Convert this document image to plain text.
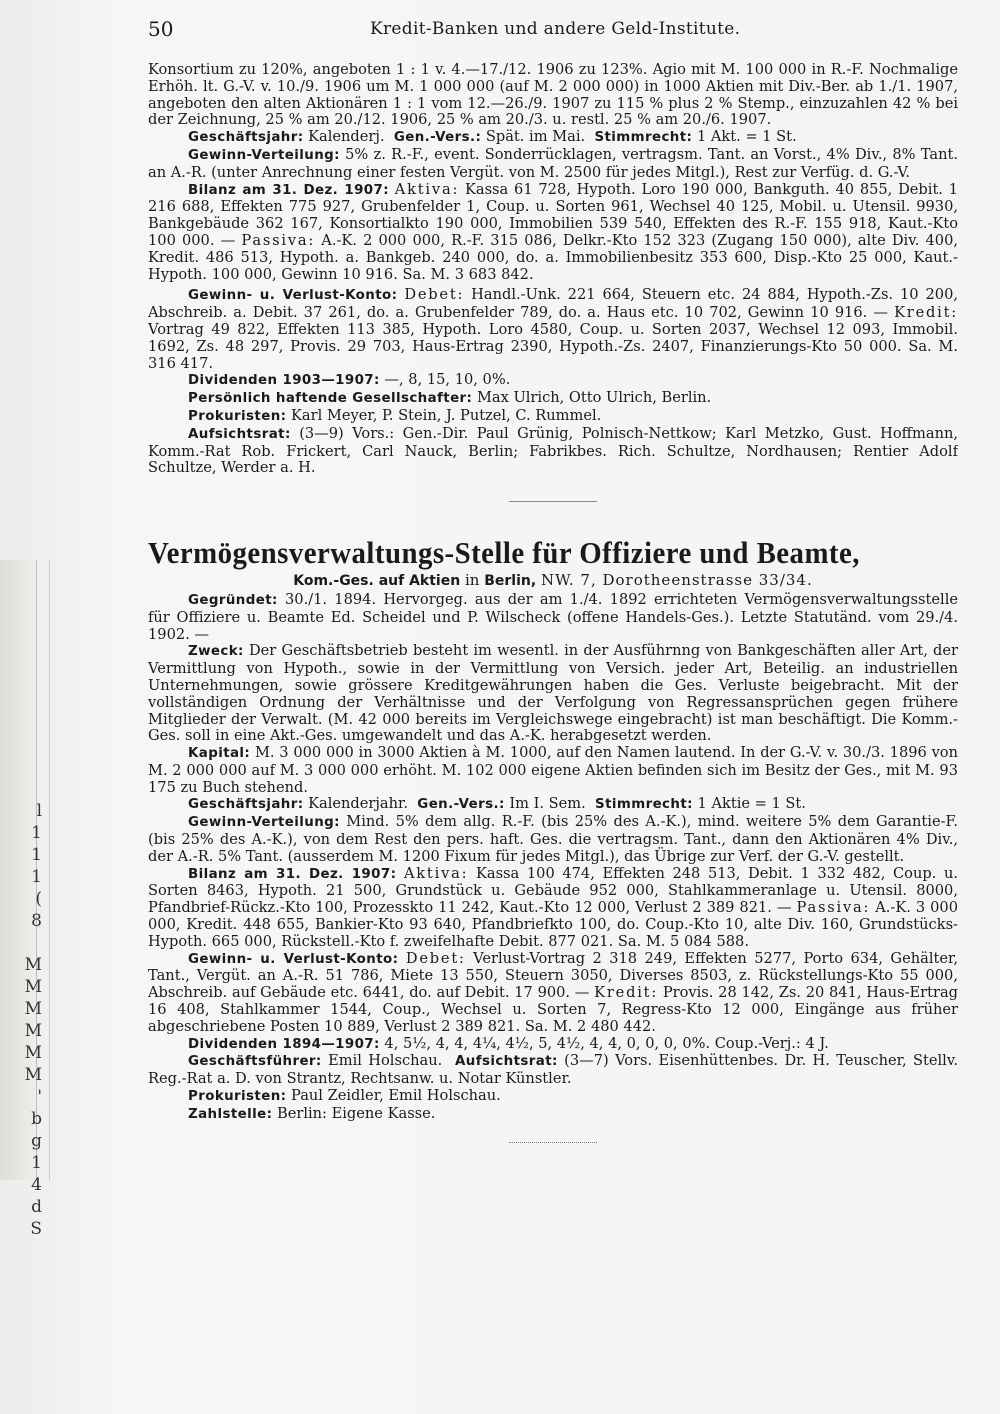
l
1
1
1
(
8

M
M
M
M
M
M
'
b
g
1
4
d
S
50	Kredit-Banken und andere Geld-Institute.

Konsortium zu 120%, angeboten 1 : 1 v. 4.—17./12. 1906 zu 123%. Agio mit M. 100 000 in R.-F. Nochmalige Erhöh. lt. G.-V. v. 10./9. 1906 um M. 1 000 000 (auf M. 2 000 000) in 1000 Aktien mit Div.-Ber. ab 1./1. 1907, angeboten den alten Aktionären 1 : 1 vom 12.—26./9. 1907 zu 115 % plus 2 % Stemp., einzuzahlen 42 % bei der Zeichnung, 25 % am 20./12. 1906, 25 % am 20./3. u. restl. 25 % am 20./6. 1907.

Geschäftsjahr: Kalenderj. Gen.-Vers.: Spät. im Mai. Stimmrecht: 1 Akt. = 1 St.

Gewinn-Verteilung: 5% z. R.-F., event. Sonderrücklagen, vertragsm. Tant. an Vorst., 4% Div., 8% Tant. an A.-R. (unter Anrechnung einer festen Vergüt. von M. 2500 für jedes Mitgl.), Rest zur Verfüg. d. G.-V.

Bilanz am 31. Dez. 1907: Aktiva: Kassa 61 728, Hypoth. Loro 190 000, Bankguth. 40 855, Debit. 1 216 688, Effekten 775 927, Grubenfelder 1, Coup. u. Sorten 961, Wechsel 40 125, Mobil. u. Utensil. 9930, Bankgebäude 362 167, Konsortialkto 190 000, Immobilien 539 540, Effekten des R.-F. 155 918, Kaut.-Kto 100 000. — Passiva: A.-K. 2 000 000, R.-F. 315 086, Delkr.-Kto 152 323 (Zugang 150 000), alte Div. 400, Kredit. 486 513, Hypoth. a. Bankgeb. 240 000, do. a. Immobilienbesitz 353 600, Disp.-Kto 25 000, Kaut.-Hypoth. 100 000, Gewinn 10 916. Sa. M. 3 683 842.

Gewinn- u. Verlust-Konto: Debet: Handl.-Unk. 221 664, Steuern etc. 24 884, Hypoth.-Zs. 10 200, Abschreib. a. Debit. 37 261, do. a. Grubenfelder 789, do. a. Haus etc. 10 702, Gewinn 10 916. — Kredit: Vortrag 49 822, Effekten 113 385, Hypoth. Loro 4580, Coup. u. Sorten 2037, Wechsel 12 093, Immobil. 1692, Zs. 48 297, Provis. 29 703, Haus-Ertrag 2390, Hypoth.-Zs. 2407, Finanzierungs-Kto 50 000. Sa. M. 316 417.

Dividenden 1903—1907: —, 8, 15, 10, 0%.

Persönlich haftende Gesellschafter: Max Ulrich, Otto Ulrich, Berlin.

Prokuristen: Karl Meyer, P. Stein, J. Putzel, C. Rummel.

Aufsichtsrat: (3—9) Vors.: Gen.-Dir. Paul Grünig, Polnisch-Nettkow; Karl Metzko, Gust. Hoffmann, Komm.-Rat Rob. Frickert, Carl Nauck, Berlin; Fabrikbes. Rich. Schultze, Nordhausen; Rentier Adolf Schultze, Werder a. H.

Vermögensverwaltungs-Stelle für Offiziere und Beamte,
Kom.-Ges. auf Aktien in Berlin, NW. 7, Dorotheenstrasse 33/34.

Gegründet: 30./1. 1894. Hervorgeg. aus der am 1./4. 1892 errichteten Vermögensverwaltungsstelle für Offiziere u. Beamte Ed. Scheidel und P. Wilscheck (offene Handels-Ges.). Letzte Statutänd. vom 29./4. 1902. —

Zweck: Der Geschäftsbetrieb besteht im wesentl. in der Ausführnng von Bankgeschäften aller Art, der Vermittlung von Hypoth., sowie in der Vermittlung von Versich. jeder Art, Beteilig. an industriellen Unternehmungen, sowie grössere Kreditgewährungen haben die Ges. Verluste beigebracht. Mit der vollständigen Ordnung der Verhältnisse und der Verfolgung von Regressansprüchen gegen frühere Mitglieder der Verwalt. (M. 42 000 bereits im Vergleichswege eingebracht) ist man beschäftigt. Die Komm.-Ges. soll in eine Akt.-Ges. umgewandelt und das A.-K. herabgesetzt werden.

Kapital: M. 3 000 000 in 3000 Aktien à M. 1000, auf den Namen lautend. In der G.-V. v. 30./3. 1896 von M. 2 000 000 auf M. 3 000 000 erhöht. M. 102 000 eigene Aktien befinden sich im Besitz der Ges., mit M. 93 175 zu Buch stehend.

Geschäftsjahr: Kalenderjahr. Gen.-Vers.: Im I. Sem. Stimmrecht: 1 Aktie = 1 St.

Gewinn-Verteilung: Mind. 5% dem allg. R.-F. (bis 25% des A.-K.), mind. weitere 5% dem Garantie-F. (bis 25% des A.-K.), von dem Rest den pers. haft. Ges. die vertragsm. Tant., dann den Aktionären 4% Div., der A.-R. 5% Tant. (ausserdem M. 1200 Fixum für jedes Mitgl.), das Übrige zur Verf. der G.-V. gestellt.

Bilanz am 31. Dez. 1907: Aktiva: Kassa 100 474, Effekten 248 513, Debit. 1 332 482, Coup. u. Sorten 8463, Hypoth. 21 500, Grundstück u. Gebäude 952 000, Stahlkammeranlage u. Utensil. 8000, Pfandbrief-Rückz.-Kto 100, Prozesskto 11 242, Kaut.-Kto 12 000, Verlust 2 389 821. — Passiva: A.-K. 3 000 000, Kredit. 448 655, Bankier-Kto 93 640, Pfandbriefkto 100, do. Coup.-Kto 10, alte Div. 160, Grundstücks-Hypoth. 665 000, Rückstell.-Kto f. zweifelhafte Debit. 877 021. Sa. M. 5 084 588.

Gewinn- u. Verlust-Konto: Debet: Verlust-Vortrag 2 318 249, Effekten 5277, Porto 634, Gehälter, Tant., Vergüt. an A.-R. 51 786, Miete 13 550, Steuern 3050, Diverses 8503, z. Rückstellungs-Kto 55 000, Abschreib. auf Gebäude etc. 6441, do. auf Debit. 17 900. — Kredit: Provis. 28 142, Zs. 20 841, Haus-Ertrag 16 408, Stahlkammer 1544, Coup., Wechsel u. Sorten 7, Regress-Kto 12 000, Eingänge aus früher abgeschriebene Posten 10 889, Verlust 2 389 821. Sa. M. 2 480 442.

Dividenden 1894—1907: 4, 5½, 4, 4, 4¼, 4½, 5, 4½, 4, 4, 0, 0, 0, 0%. Coup.-Verj.: 4 J.

Geschäftsführer: Emil Holschau. Aufsichtsrat: (3—7) Vors. Eisenhüttenbes. Dr. H. Teuscher, Stellv. Reg.-Rat a. D. von Strantz, Rechtsanw. u. Notar Künstler.

Prokuristen: Paul Zeidler, Emil Holschau.

Zahlstelle: Berlin: Eigene Kasse.
